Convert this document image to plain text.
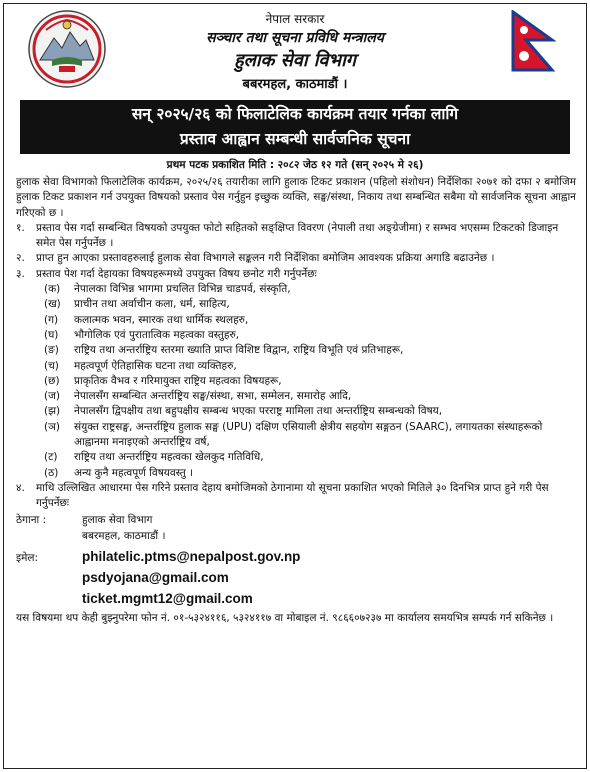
नेपाल सरकार
सञ्चार तथा सूचना प्रविधि मन्त्रालय
हुलाक सेवा विभाग
बबरमहल, काठमाडौं ।
सन् २०२५/२६ को फिलाटेलिक कार्यक्रम तयार गर्नका लागि
प्रस्ताव आह्वान सम्बन्धी सार्वजनिक सूचना
प्रथम पटक प्रकाशित मिति : २०८२ जेठ १२ गते (सन् २०२५ मे २६)
हुलाक सेवा विभागको फिलाटेलिक कार्यक्रम, २०२५/२६ तयारीका लागि हुलाक टिकट प्रकाशन (पहिलो संशोधन) निर्देशिका २०७१ को दफा २ बमोजिम हुलाक टिकट प्रकाशन गर्न उपयुक्त विषयको प्रस्ताव पेस गर्नुहुन इच्छुक व्यक्ति, सङ्घ/संस्था, निकाय तथा सम्बन्धित सबैमा यो सार्वजनिक सूचना आह्वान गरिएको छ ।
१.	प्रस्ताव पेस गर्दा सम्बन्धित विषयको उपयुक्त फोटो सहितको सङ्क्षिप्त विवरण (नेपाली तथा अङ्ग्रेजीमा) र सम्भव भएसम्म टिकटको डिजाइन समेत पेस गर्नुपर्नेछ ।
२.	प्राप्त हुन आएका प्रस्तावहरुलाई हुलाक सेवा विभागले सङ्कलन गरी निर्देशिका बमोजिम आवश्यक प्रक्रिया अगाडि बढाउनेछ ।
३.	प्रस्ताव पेश गर्दा देहायका विषयहरूमध्ये उपयुक्त विषय छनोट गरी गर्नुपर्नेछः
(क)	नेपालका विभिन्न भागमा प्रचलित विभिन्न चाडपर्व, संस्कृति,
(ख)	प्राचीन तथा अर्वाचीन कला, धर्म, साहित्य,
(ग)	कलात्मक भवन, स्मारक तथा धार्मिक स्थलहरु,
(घ)	भौगोलिक एवं पुरातात्विक महत्वका वस्तुहरु,
(ङ)	राष्ट्रिय तथा अन्तर्राष्ट्रिय स्तरमा ख्याति प्राप्त विशिष्ट विद्वान, राष्ट्रिय विभूति एवं प्रतिभाहरू,
(च)	महत्वपूर्ण ऐतिहासिक घटना तथा व्यक्तिहरु,
(छ)	प्राकृतिक वैभव र गरिमायुक्त राष्ट्रिय महत्वका विषयहरू,
(ज)	नेपालसँग सम्बन्धित अन्तर्राष्ट्रिय सङ्घ/संस्था, सभा, सम्मेलन, समारोह आदि,
(झ)	नेपालसँग द्विपक्षीय तथा बहुपक्षीय सम्बन्ध भएका परराष्ट्र मामिला तथा अन्तर्राष्ट्रिय सम्बन्धको विषय,
(ञ)	संयुक्त राष्ट्रसङ्घ, अन्तर्राष्ट्रिय हुलाक सङ्घ (UPU) दक्षिण एसियाली क्षेत्रीय सहयोग सङ्गठन (SAARC), लगायतका संस्थाहरूको आह्वानमा मनाइएको अन्तर्राष्ट्रिय वर्ष,
(ट)	राष्ट्रिय तथा अन्तर्राष्ट्रिय महत्वका खेलकुद गतिविधि,
(ठ)	अन्य कुनै महत्वपूर्ण विषयवस्तु ।
४.	माथि उल्लिखित आधारमा पेस गरिने प्रस्ताव देहाय बमोजिमको ठेगानामा यो सूचना प्रकाशित भएको मितिले ३० दिनभित्र प्राप्त हुने गरी पेस गर्नुपर्नेछः
ठेगाना :	हुलाक सेवा विभाग
बबरमहल, काठमाडौं ।
इमेल:	philatelic.ptms@nepalpost.gov.np
psdyojana@gmail.com
ticket.mgmt12@gmail.com
यस विषयमा थप केही बुझ्नुपरेमा फोन नं. ०१-५३२४११६, ५३२४११७ वा मोबाइल नं. ९८६६०७२३७ मा कार्यालय समयभित्र सम्पर्क गर्न सकिनेछ ।
